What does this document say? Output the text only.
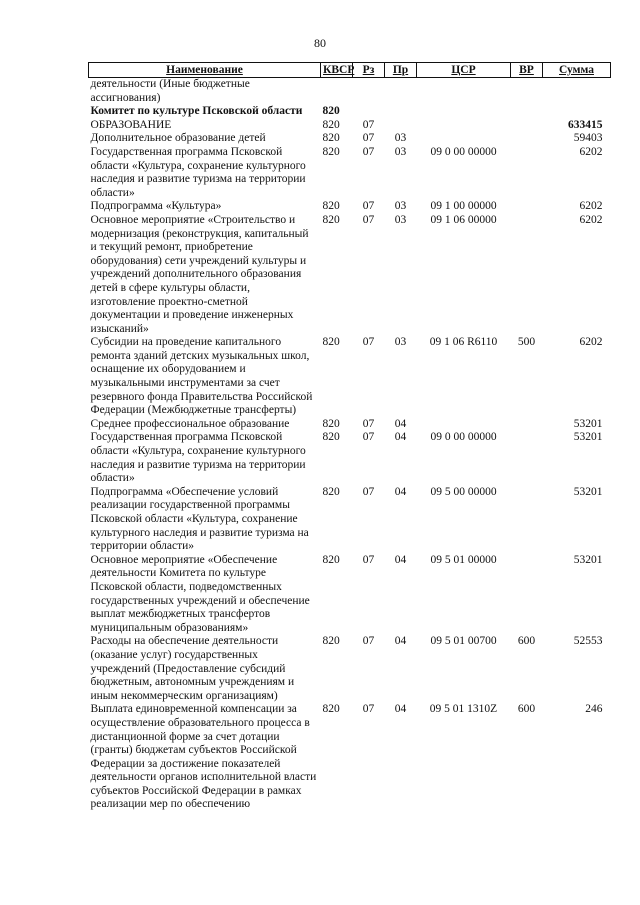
80
Наименование	КВСР	Рз	Пр	ЦСР	ВР	Сумма
деятельности (Иные бюджетные ассигнования)						
Комитет по культуре Псковской области	820					
ОБРАЗОВАНИЕ	820	07				633415
Дополнительное образование детей	820	07	03			59403
Государственная программа Псковской области «Культура, сохранение культурного наследия и развитие туризма на территории области»	820	07	03	09 0 00 00000		6202
Подпрограмма «Культура»	820	07	03	09 1 00 00000		6202
Основное мероприятие «Строительство и модернизация (реконструкция, капитальный и текущий ремонт, приобретение оборудования) сети учреждений культуры и учреждений дополнительного образования детей в сфере культуры области, изготовление проектно-сметной документации и проведение инженерных изысканий»	820	07	03	09 1 06 00000		6202
Субсидии на проведение капитального ремонта зданий детских музыкальных школ, оснащение их оборудованием и музыкальными инструментами за счет резервного фонда Правительства Российской Федерации (Межбюджетные трансферты)	820	07	03	09 1 06 R6110	500	6202
Среднее профессиональное образование	820	07	04			53201
Государственная программа Псковской области «Культура, сохранение культурного наследия и развитие туризма на территории области»	820	07	04	09 0 00 00000		53201
Подпрограмма «Обеспечение условий реализации государственной программы Псковской области «Культура, сохранение культурного наследия и развитие туризма на территории области»	820	07	04	09 5 00 00000		53201
Основное мероприятие «Обеспечение деятельности Комитета по культуре Псковской области, подведомственных государственных учреждений и обеспечение выплат межбюджетных трансфертов муниципальным образованиям»	820	07	04	09 5 01 00000		53201
Расходы на обеспечение деятельности (оказание услуг) государственных учреждений (Предоставление субсидий бюджетным, автономным учреждениям и иным некоммерческим организациям)	820	07	04	09 5 01 00700	600	52553
Выплата единовременной компенсации за осуществление образовательного процесса в дистанционной форме за счет дотации (гранты) бюджетам субъектов Российской Федерации за достижение показателей деятельности органов исполнительной власти субъектов Российской Федерации в рамках реализации мер по обеспечению	820	07	04	09 5 01 1310Z	600	246
